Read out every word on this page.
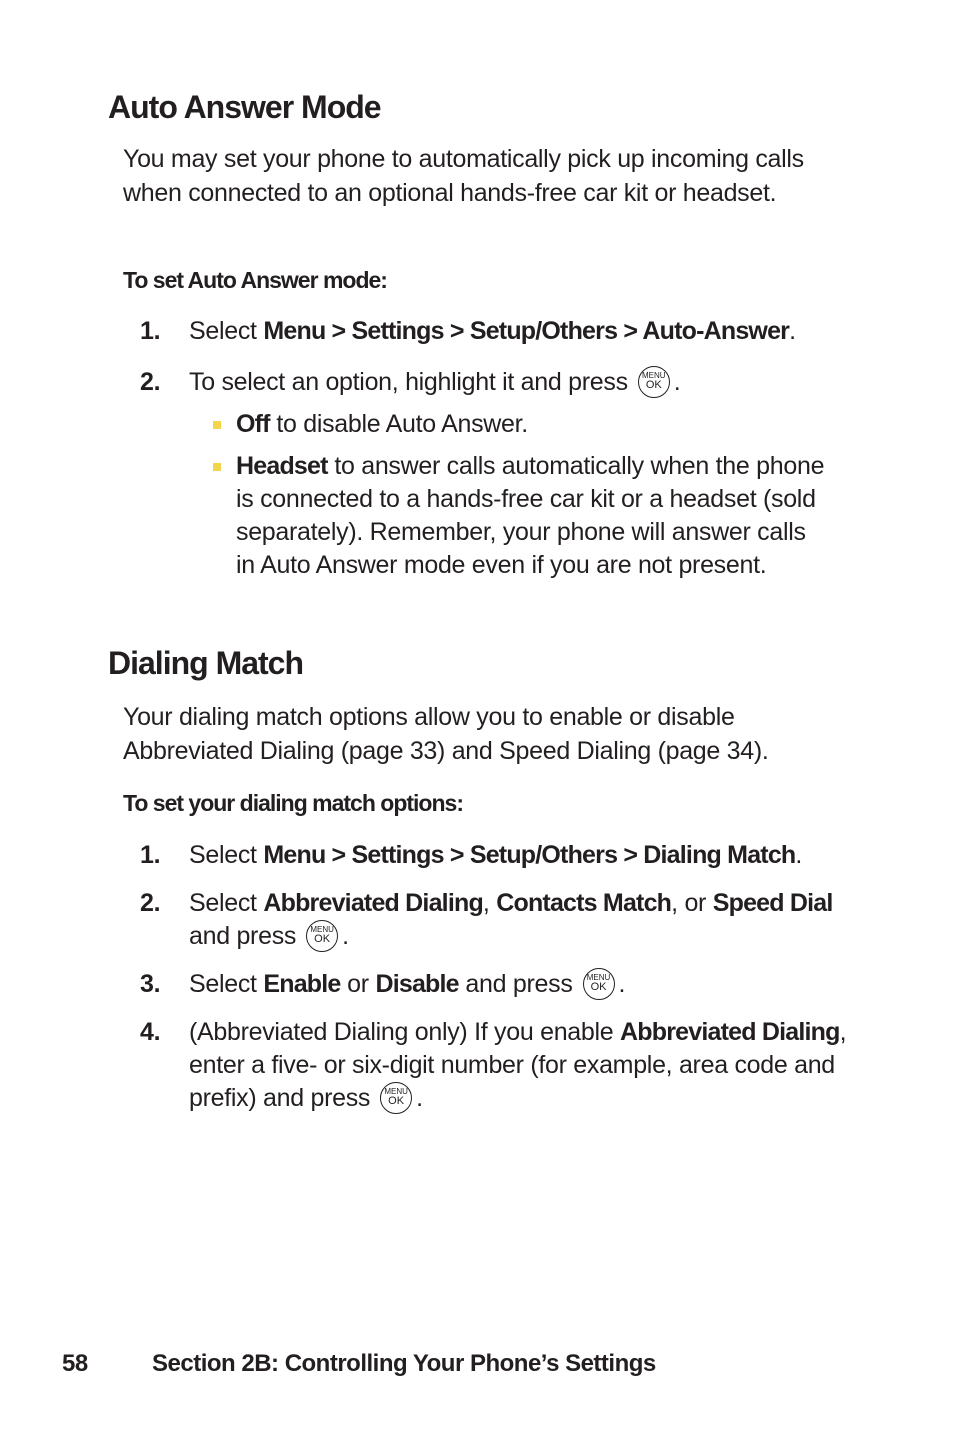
Auto Answer Mode

You may set your phone to automatically pick up incoming calls when connected to an optional hands-free car kit or headset.

To set Auto Answer mode:
1.	Select Menu > Settings > Setup/Others > Auto-Answer.
2.	To select an option, highlight it and press	MENU
OK .
Off to disable Auto Answer.
Headset to answer calls automatically when the phone is connected to a hands-free car kit or a headset (sold separately). Remember, your phone will answer calls in Auto Answer mode even if you are not present.
Dialing Match

Your dialing match options allow you to enable or disable Abbreviated Dialing (page 33) and Speed Dialing (page 34).

To set your dialing match options:
1.	Select Menu > Settings > Setup/Others > Dialing Match.
2.	Select Abbreviated Dialing, Contacts Match, or Speed Dial and press	MENU
OK .
3.	Select Enable or Disable and press	MENU
OK .
4.	(Abbreviated Dialing only) If you enable Abbreviated Dialing, enter a five- or six-digit number (for example, area code and prefix) and press	MENU
OK .
58	Section 2B: Controlling Your Phone’s Settings
